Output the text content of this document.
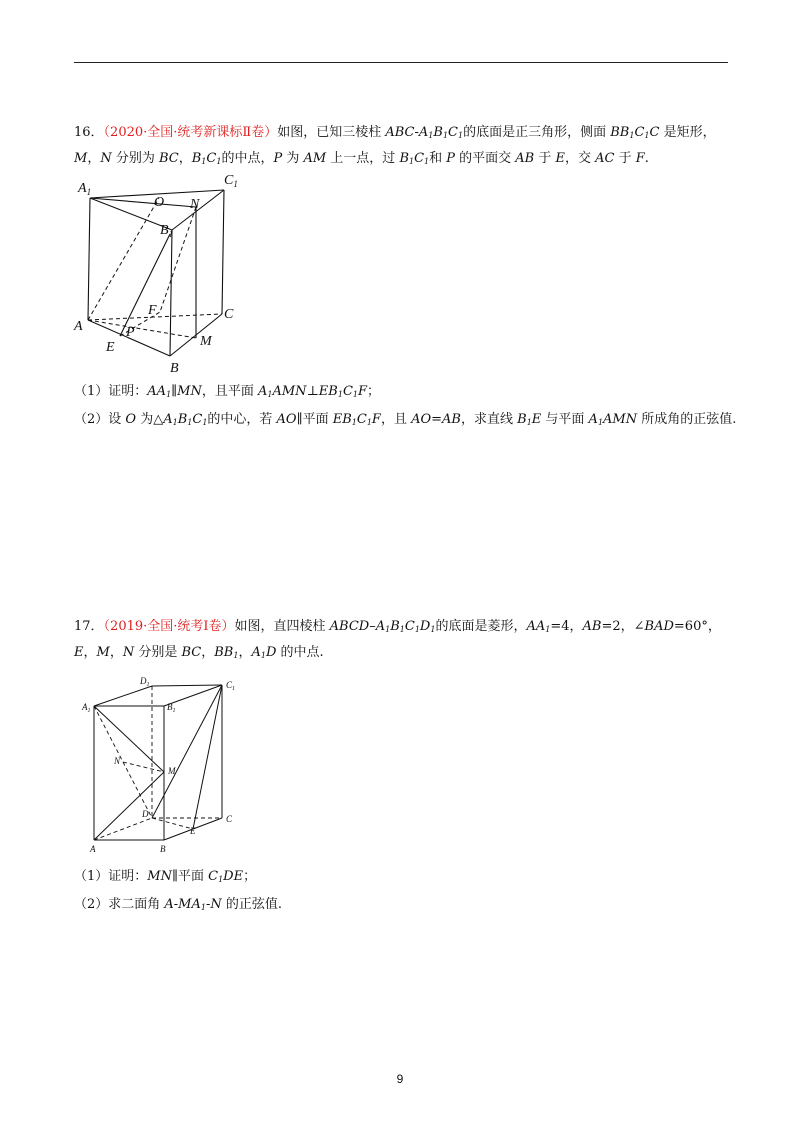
16．（2020·全国·统考新课标Ⅱ卷）如图，已知三棱柱 ABC-$A_1B_1C_1$的底面是正三角形，侧面 $BB_1C_1C$ 是矩形，
M，N 分别为 BC，$B_1C_1$的中点，P 为 AM 上一点，过 $B_1C_1$和 P 的平面交 AB 于 E，交 AC 于 F.
$A_1$
$C_1$
O N
$B_1$
F	C
A	P
E	M
B
（1）证明：$AA_1\parallel MN$，且平面 $A_1AMN\perp EB_1C_1F$；
（2）设 O 为$\triangle A_1B_1C_1$的中心，若 AO∥平面 $EB_1C_1F$，且 AO=AB，求直线 $B_1E$ 与平面 $A_1AMN$ 所成角的正弦值.
17．（2019·全国·统考Ⅰ卷）如图，直四棱柱 ABCD–$A_1B_1C_1D_1$的底面是菱形，$AA_1=4$，AB=2，∠BAD=60°，
E，M，N 分别是 BC，$BB_1$，$A_1D$ 的中点.
$D_1$	$C_1$
$A_1$	$B_1$
N
M
D
E
C
A	B
（1）证明：MN∥平面 $C_1DE$；
（2）求二面角 $A-MA_1-N$ 的正弦值.
9
